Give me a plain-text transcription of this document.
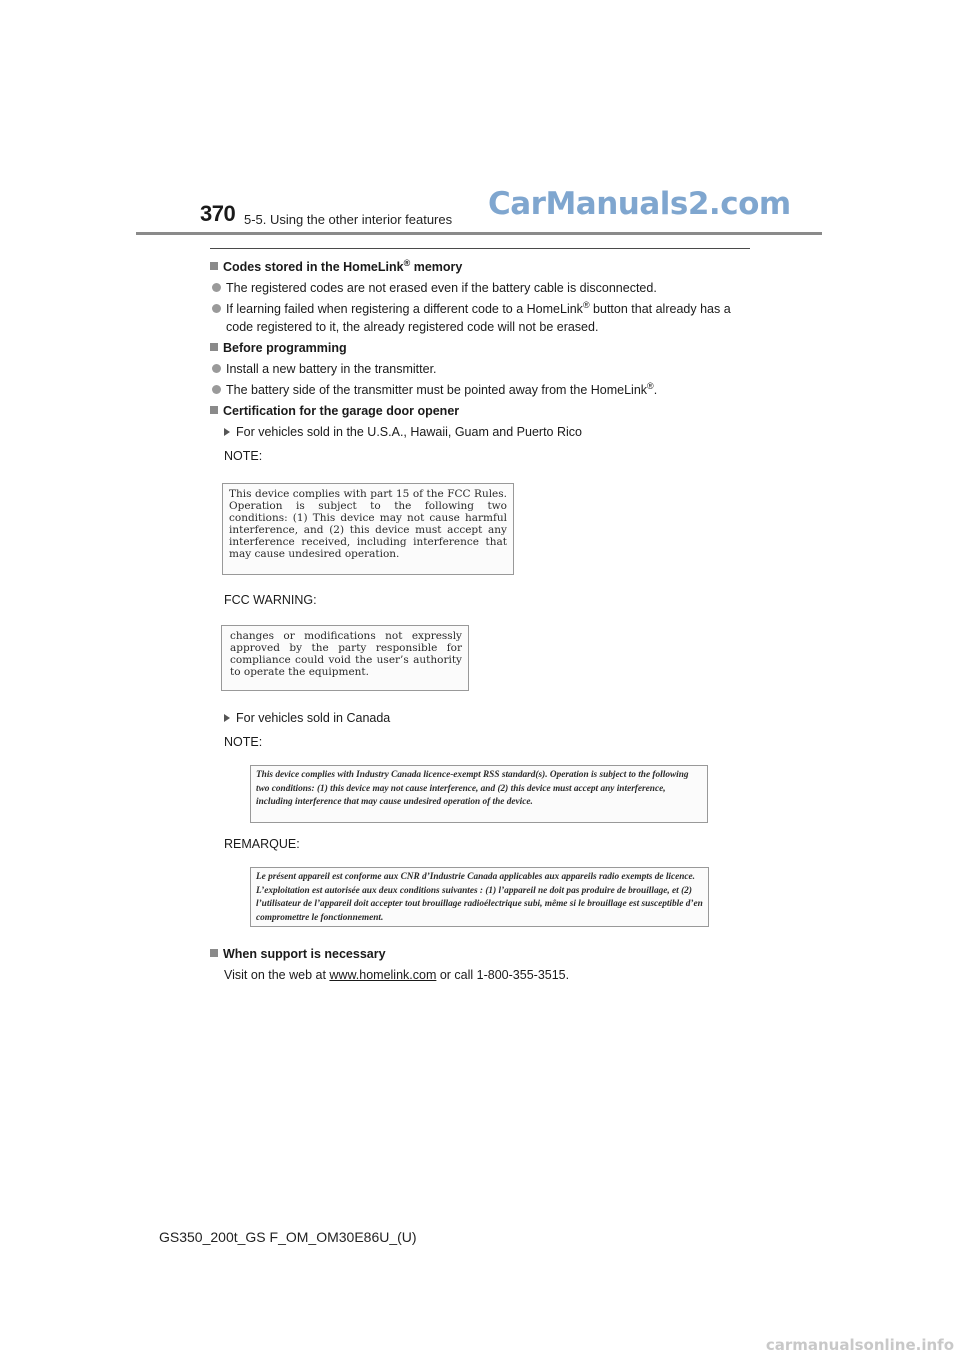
370 5-5. Using the other interior features CarManuals2.com
Codes stored in the HomeLink® memory
The registered codes are not erased even if the battery cable is disconnected.
If learning failed when registering a different code to a HomeLink® button that already has a code registered to it, the already registered code will not be erased.
Before programming
Install a new battery in the transmitter.
The battery side of the transmitter must be pointed away from the HomeLink®.
Certification for the garage door opener
For vehicles sold in the U.S.A., Hawaii, Guam and Puerto Rico
NOTE:
This device complies with part 15 of the FCC Rules. Operation is subject to the following two conditions: (1) This device may not cause harmful interference, and (2) this device must accept any interference received, including interference that may cause undesired operation.
FCC WARNING:
changes or modifications not expressly approved by the party responsible for compliance could void the user’s authority to operate the equipment.
For vehicles sold in Canada
NOTE:
This device complies with Industry Canada licence-exempt RSS standard(s). Operation is subject to the following two conditions: (1) this device may not cause interference, and (2) this device must accept any interference, including interference that may cause undesired operation of the device.
REMARQUE:
Le présent appareil est conforme aux CNR d’Industrie Canada applicables aux appareils radio exempts de licence. L’exploitation est autorisée aux deux conditions suivantes : (1) l’appareil ne doit pas produire de brouillage, et (2) l’utilisateur de l’appareil doit accepter tout brouillage radioélectrique subi, même si le brouillage est susceptible d’en compromettre le fonctionnement.
When support is necessary
Visit on the web at www.homelink.com or call 1-800-355-3515.
GS350_200t_GS F_OM_OM30E86U_(U)
carmanualsonline.info
